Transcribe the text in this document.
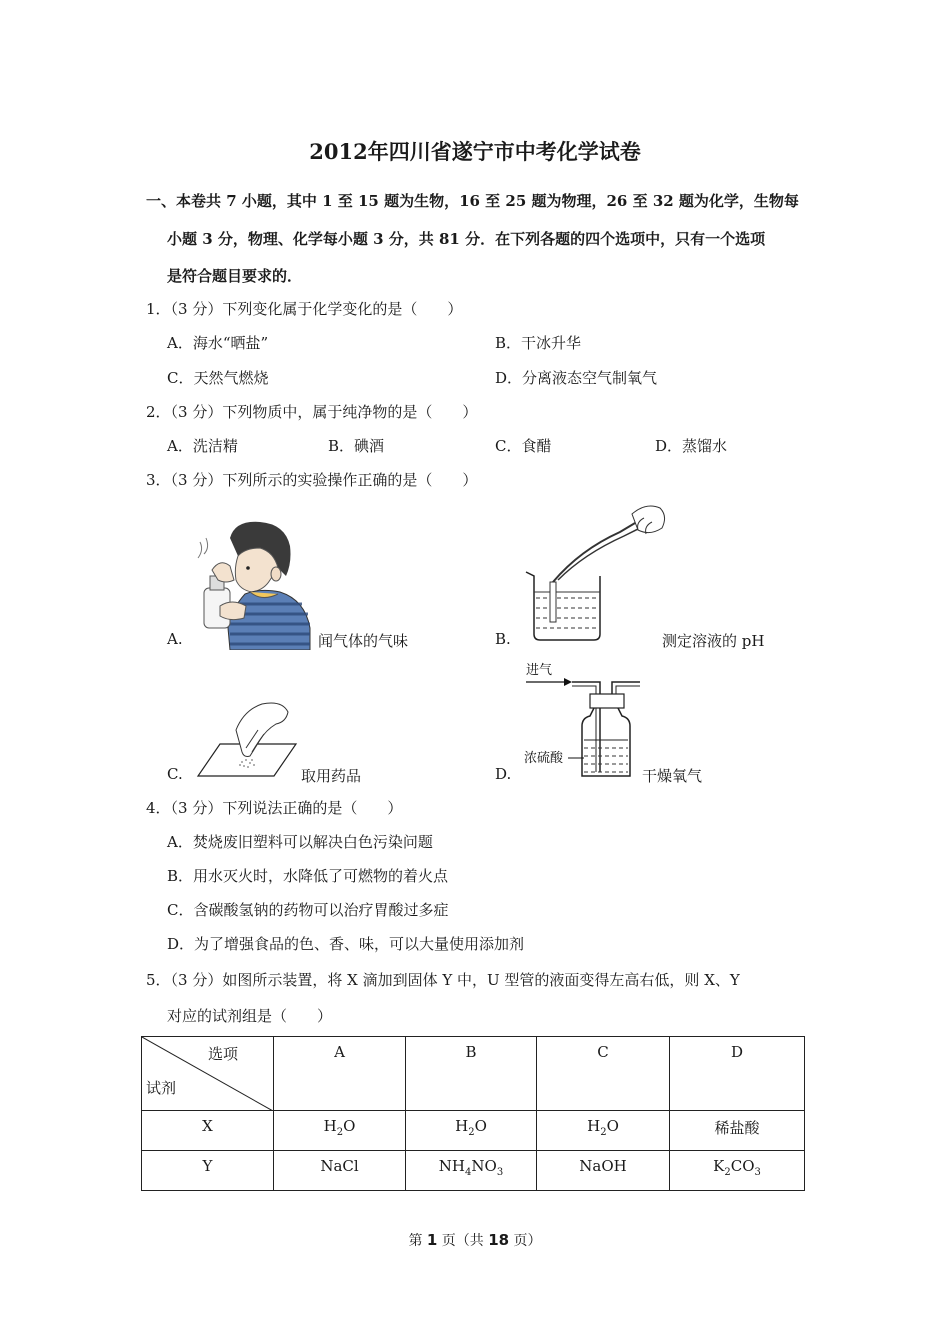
2012年四川省遂宁市中考化学试卷
一、本卷共 7 小题，其中 1 至 15 题为生物，16 至 25 题为物理，26 至 32 题为化学，生物每
小题 3 分，物理、化学每小题 3 分，共 81 分．在下列各题的四个选项中，只有一个选项
是符合题目要求的．
1．（3 分）下列变化属于化学变化的是（　　）
A．海水“晒盐”	B．干冰升华
C．天然气燃烧	D．分离液态空气制氧气
2．（3 分）下列物质中，属于纯净物的是（　　）
A．洗洁精	B．碘酒	C．食醋	D．蒸馏水
3．（3 分）下列所示的实验操作正确的是（　　）
A.	闻气体的气味	B.	测定溶液的 pH
C.	取用药品	D.
进气
浓硫酸
干燥氧气
4．（3 分）下列说法正确的是（　　）
A．焚烧废旧塑料可以解决白色污染问题
B．用水灭火时，水降低了可燃物的着火点
C．含碳酸氢钠的药物可以治疗胃酸过多症
D．为了增强食品的色、香、味，可以大量使用添加剂
5．（3 分）如图所示装置，将 X 滴加到固体 Y 中，U 型管的液面变得左高右低，则 X、Y
对应的试剂组是（　　）
选项
试剂	A	B	C	D
X	$H_2O$	$H_2O$	$H_2O$	稀盐酸
Y	NaCl	$NH_4NO_3$	NaOH	$K_2CO_3$
第 1 页（共 18 页）
